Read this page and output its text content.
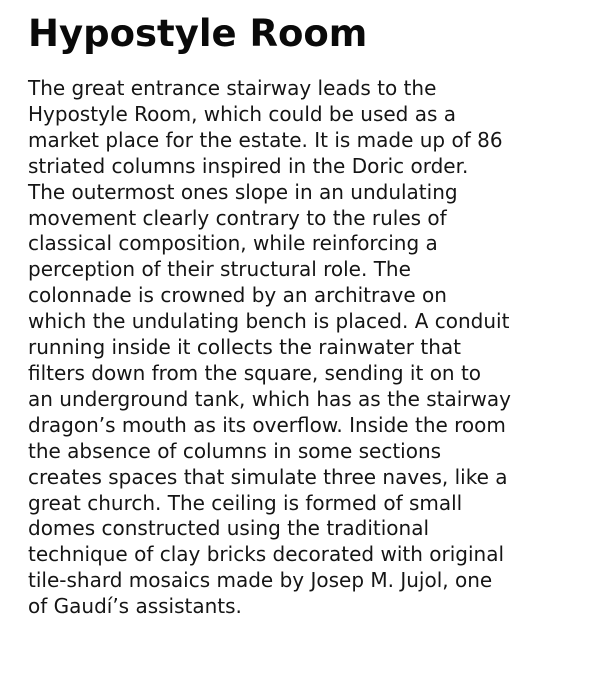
Hypostyle Room

The great entrance stairway leads to the
Hypostyle Room, which could be used as a
market place for the estate. It is made up of 86
striated columns inspired in the Doric order.
The outermost ones slope in an undulating
movement clearly contrary to the rules of
classical composition, while reinforcing a
perception of their structural role. The
colonnade is crowned by an architrave on
which the undulating bench is placed. A conduit
running inside it collects the rainwater that
filters down from the square, sending it on to
an underground tank, which has as the stairway
dragon’s mouth as its overflow. Inside the room
the absence of columns in some sections
creates spaces that simulate three naves, like a
great church. The ceiling is formed of small
domes constructed using the traditional
technique of clay bricks decorated with original
tile-shard mosaics made by Josep M. Jujol, one
of Gaudí’s assistants.
